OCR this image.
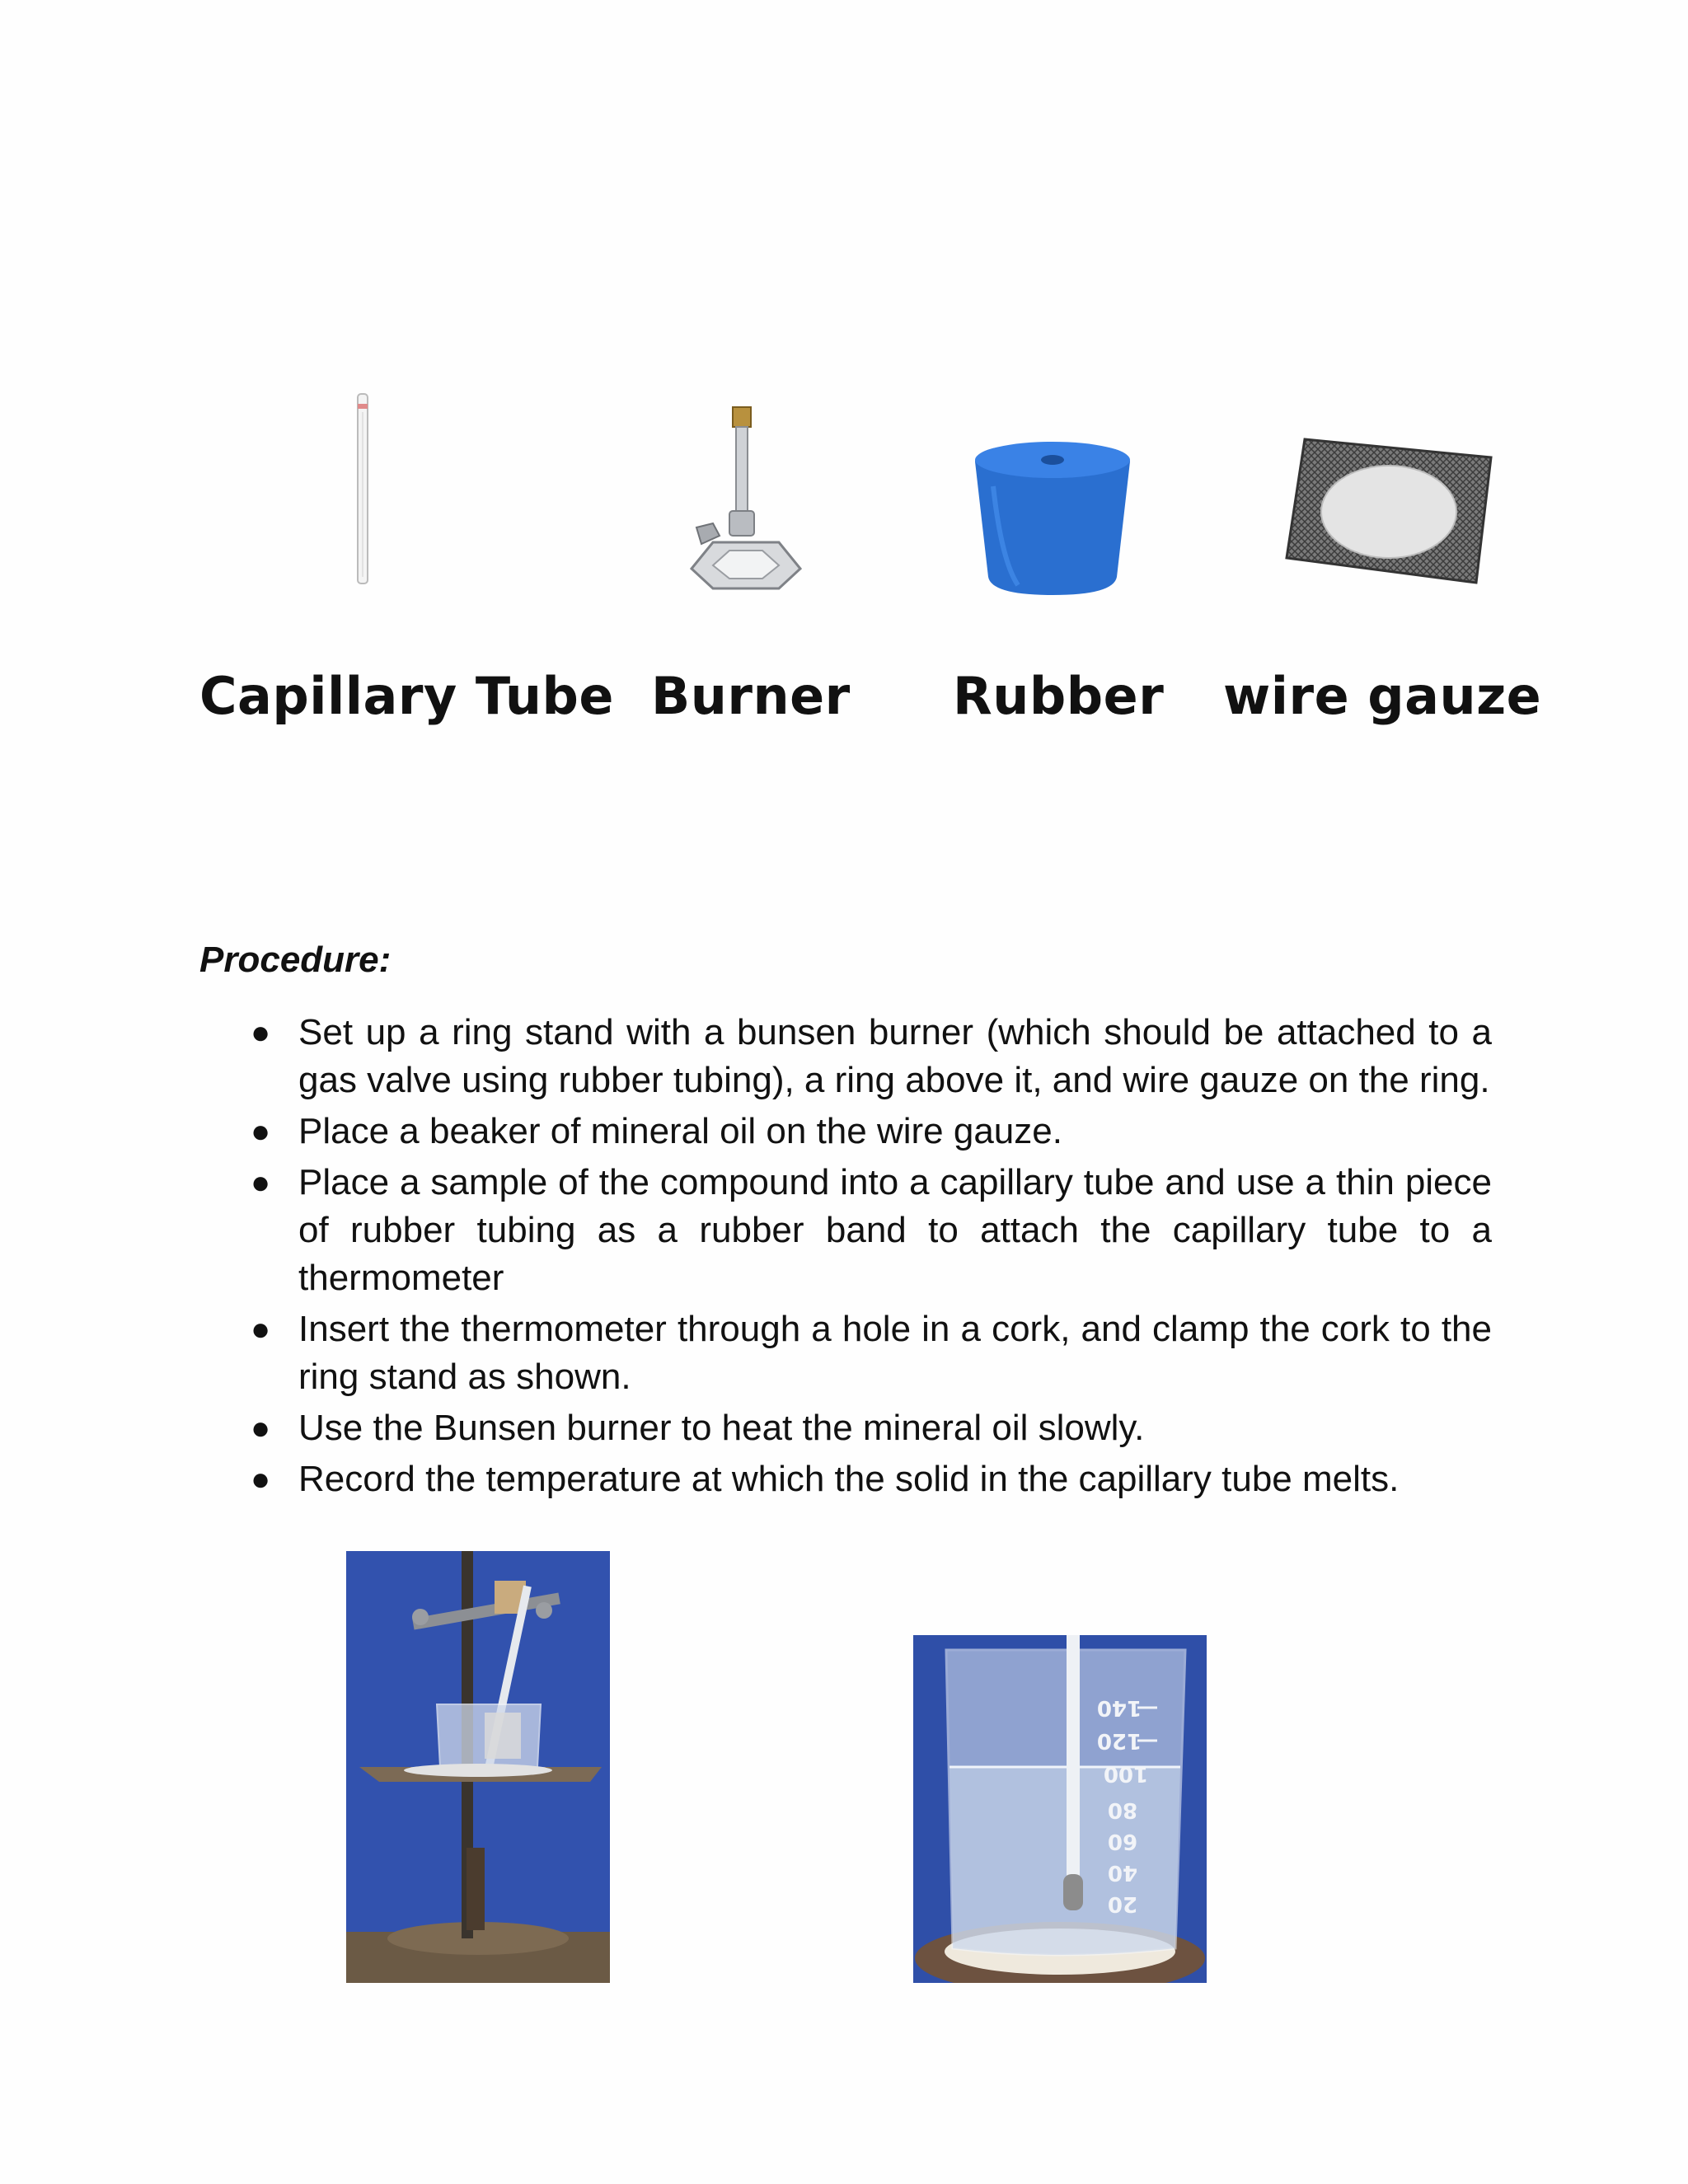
Capillary Tube Burner Rubber wire gauze
Procedure:
● Set up a ring stand with a bunsen burner (which should be attached to a gas valve using rubber tubing), a ring above it, and wire gauze on the ring.
● Place a beaker of mineral oil on the wire gauze.
● Place a sample of the compound into a capillary tube and use a thin piece of rubber tubing as a rubber band to attach the capillary tube to a thermometer
● Insert the thermometer through a hole in a cork, and clamp the cork to the ring stand as shown.
● Use the Bunsen burner to heat the mineral oil slowly.
● Record the temperature at which the solid in the capillary tube melts.
140
120
100
80
60
40
20
